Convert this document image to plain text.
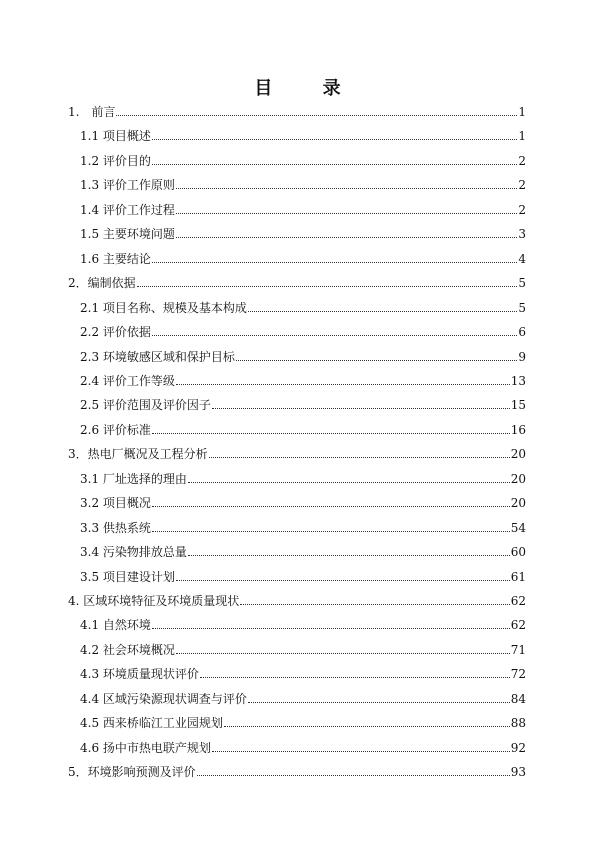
目 录
1.　前言	1
1.1 项目概述	1
1.2 评价目的	2
1.3 评价工作原则	2
1.4 评价工作过程	2
1.5 主要环境问题	3
1.6 主要结论	4
2．编制依据	5
2.1 项目名称、规模及基本构成	5
2.2 评价依据	6
2.3 环境敏感区域和保护目标	9
2.4 评价工作等级	13
2.5 评价范围及评价因子	15
2.6 评价标准	16
3．热电厂概况及工程分析	20
3.1 厂址选择的理由	20
3.2 项目概况	20
3.3 供热系统	54
3.4 污染物排放总量	60
3.5 项目建设计划	61
4. 区域环境特征及环境质量现状	62
4.1 自然环境	62
4.2 社会环境概况	71
4.3 环境质量现状评价	72
4.4 区域污染源现状调查与评价	84
4.5 西来桥临江工业园规划	88
4.6 扬中市热电联产规划	92
5．环境影响预测及评价	93
